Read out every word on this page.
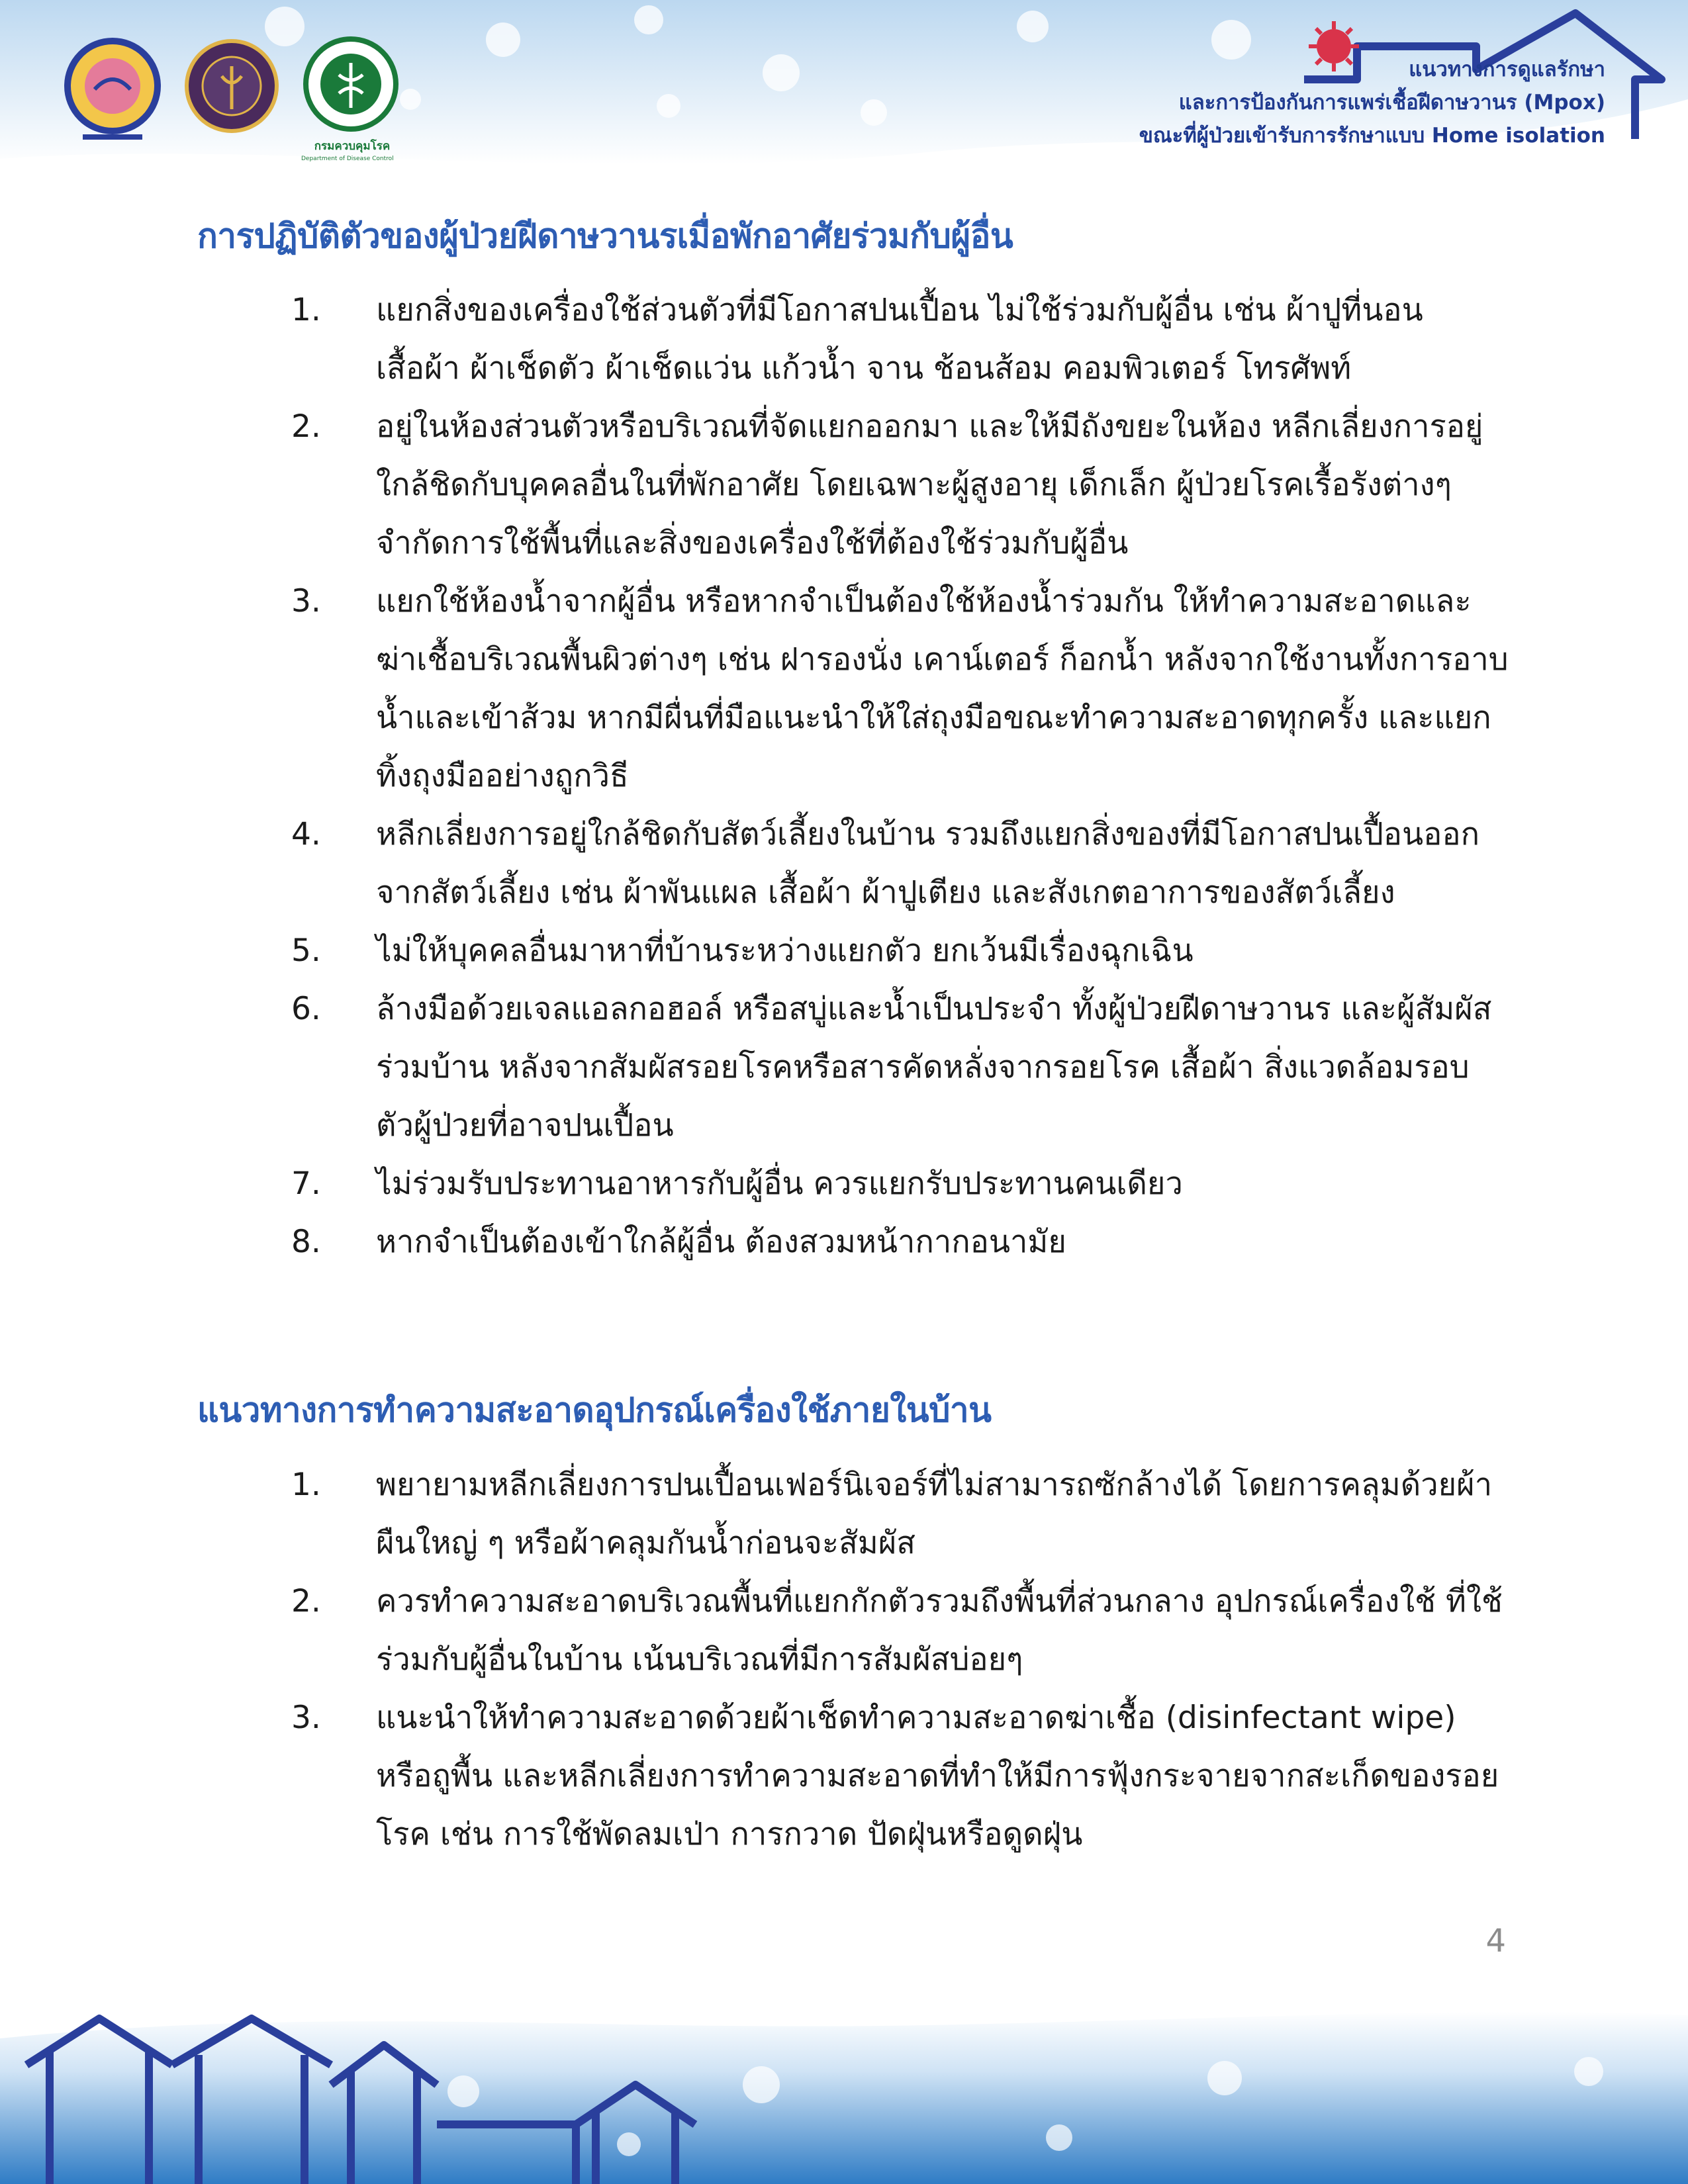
แนวทางการดูแลรักษา
และการป้องกันการแพร่เชื้อฝีดาษวานร (Mpox)
ขณะที่ผู้ป่วยเข้ารับการรักษาแบบ Home isolation
กรมควบคุมโรค
Department of Disease Control
การปฏิบัติตัวของผู้ป่วยฝีดาษวานรเมื่อพักอาศัยร่วมกับผู้อื่น
1.	แยกสิ่งของเครื่องใช้ส่วนตัวที่มีโอกาสปนเปื้อน ไม่ใช้ร่วมกับผู้อื่น เช่น ผ้าปูที่นอน เสื้อผ้า ผ้าเช็ดตัว ผ้าเช็ดแว่น แก้วน้ำ จาน ช้อนส้อม คอมพิวเตอร์ โทรศัพท์
2.	อยู่ในห้องส่วนตัวหรือบริเวณที่จัดแยกออกมา และให้มีถังขยะในห้อง หลีกเลี่ยงการอยู่ใกล้ชิดกับบุคคลอื่นในที่พักอาศัย โดยเฉพาะผู้สูงอายุ เด็กเล็ก ผู้ป่วยโรคเรื้อรังต่างๆ จำกัดการใช้พื้นที่และสิ่งของเครื่องใช้ที่ต้องใช้ร่วมกับผู้อื่น
3.	แยกใช้ห้องน้ำจากผู้อื่น หรือหากจำเป็นต้องใช้ห้องน้ำร่วมกัน ให้ทำความสะอาดและฆ่าเชื้อบริเวณพื้นผิวต่างๆ เช่น ฝารองนั่ง เคาน์เตอร์ ก็อกน้ำ หลังจากใช้งานทั้งการอาบน้ำและเข้าส้วม หากมีผื่นที่มือแนะนำให้ใส่ถุงมือขณะทำความสะอาดทุกครั้ง และแยกทิ้งถุงมืออย่างถูกวิธี
4.	หลีกเลี่ยงการอยู่ใกล้ชิดกับสัตว์เลี้ยงในบ้าน รวมถึงแยกสิ่งของที่มีโอกาสปนเปื้อนออกจากสัตว์เลี้ยง เช่น ผ้าพันแผล เสื้อผ้า ผ้าปูเตียง และสังเกตอาการของสัตว์เลี้ยง
5.	ไม่ให้บุคคลอื่นมาหาที่บ้านระหว่างแยกตัว ยกเว้นมีเรื่องฉุกเฉิน
6.	ล้างมือด้วยเจลแอลกอฮอล์ หรือสบู่และน้ำเป็นประจำ ทั้งผู้ป่วยฝีดาษวานร และผู้สัมผัสร่วมบ้าน หลังจากสัมผัสรอยโรคหรือสารคัดหลั่งจากรอยโรค เสื้อผ้า สิ่งแวดล้อมรอบตัวผู้ป่วยที่อาจปนเปื้อน
7.	ไม่ร่วมรับประทานอาหารกับผู้อื่น ควรแยกรับประทานคนเดียว
8.	หากจำเป็นต้องเข้าใกล้ผู้อื่น ต้องสวมหน้ากากอนามัย
แนวทางการทำความสะอาดอุปกรณ์เครื่องใช้ภายในบ้าน
1.	พยายามหลีกเลี่ยงการปนเปื้อนเฟอร์นิเจอร์ที่ไม่สามารถซักล้างได้ โดยการคลุมด้วยผ้าผืนใหญ่ ๆ หรือผ้าคลุมกันน้ำก่อนจะสัมผัส
2.	ควรทำความสะอาดบริเวณพื้นที่แยกกักตัวรวมถึงพื้นที่ส่วนกลาง อุปกรณ์เครื่องใช้ ที่ใช้ร่วมกับผู้อื่นในบ้าน เน้นบริเวณที่มีการสัมผัสบ่อยๆ
3.	แนะนำให้ทำความสะอาดด้วยผ้าเช็ดทำความสะอาดฆ่าเชื้อ (disinfectant wipe) หรือถูพื้น และหลีกเลี่ยงการทำความสะอาดที่ทำให้มีการฟุ้งกระจายจากสะเก็ดของรอยโรค เช่น การใช้พัดลมเป่า การกวาด ปัดฝุ่นหรือดูดฝุ่น
4
